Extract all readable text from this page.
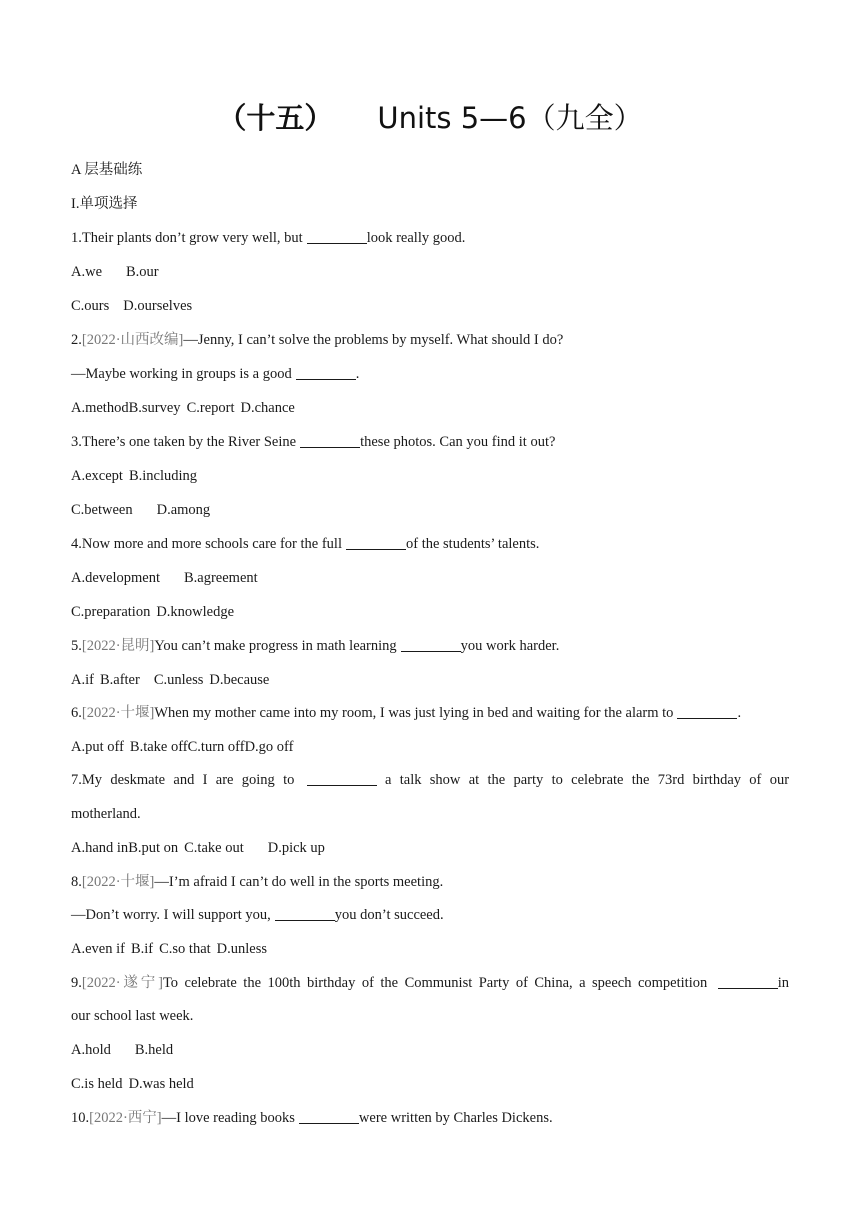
（十五） Units 5—6（九全）
A 层基础练
I.单项选择
1.Their plants don’t grow very well, but	look really good.
A.we B.our
C.ours D.ourselves
2.[2022·山西改编]—Jenny, I can’t solve the problems by myself. What should I do?
—Maybe working in groups is a good	.
A.methodB.survey C.report D.chance
3.There’s one taken by the River Seine	these photos. Can you find it out?
A.except B.including
C.between D.among
4.Now more and more schools care for the full	of the students’ talents.
A.development B.agreement
C.preparation D.knowledge
5.[2022·昆明]You can’t make progress in math learning	you work harder.
A.if B.after C.unless D.because
6.[2022·十堰]When my mother came into my room, I was just lying in bed and waiting for the alarm to	.
A.put off B.take offC.turn offD.go off
7.My deskmate and I are going to	a talk show at the party to celebrate the 73rd birthday of our
motherland.
A.hand inB.put on C.take out D.pick up
8.[2022·十堰]—I’m afraid I can’t do well in the sports meeting.
—Don’t worry. I will support you,	you don’t succeed.
A.even if B.if C.so that D.unless
9.[2022·遂宁]To celebrate the 100th birthday of the Communist Party of China, a speech competition	in
our school last week.
A.hold B.held
C.is held D.was held
10.[2022·西宁]—I love reading books	were written by Charles Dickens.
